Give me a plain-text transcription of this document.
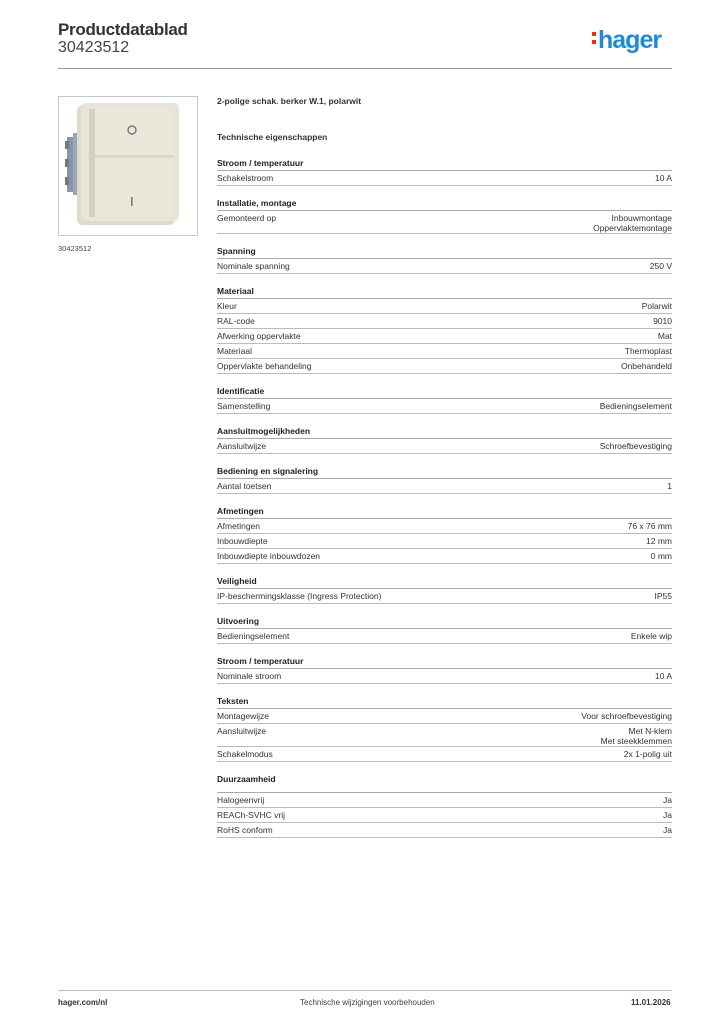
Productdatablad
30423512	hager
30423512
2-polige schak. berker W.1, polarwit
Technische eigenschappen
Stroom / temperatuur
Schakelstroom	10 A
Installatie, montage
Gemonteerd op	Inbouwmontage
Oppervlaktemontage
Spanning
Nominale spanning	250 V
Materiaal
Kleur	Polarwit
RAL-code	9010
Afwerking oppervlakte	Mat
Materiaal	Thermoplast
Oppervlakte behandeling	Onbehandeld
Identificatie
Samenstelling	Bedieningselement
Aansluitmogelijkheden
Aansluitwijze	Schroefbevestiging
Bediening en signalering
Aantal toetsen	1
Afmetingen
Afmetingen	76 x 76 mm
Inbouwdiepte	12 mm
Inbouwdiepte inbouwdozen	0 mm
Veiligheid
IP-beschermingsklasse (Ingress Protection)	IP55
Uitvoering
Bedieningselement	Enkele wip
Stroom / temperatuur
Nominale stroom	10 A
Teksten
Montagewijze	Voor schroefbevestiging
Aansluitwijze	Met N-klem
Met steekklemmen
Schakelmodus	2x 1-polig uit
Duurzaamheid
Halogeenvrij	Ja
REACh-SVHC vrij	Ja
RoHS conform	Ja
hager.com/nl	Technische wijzigingen voorbehouden	11.01.2026
